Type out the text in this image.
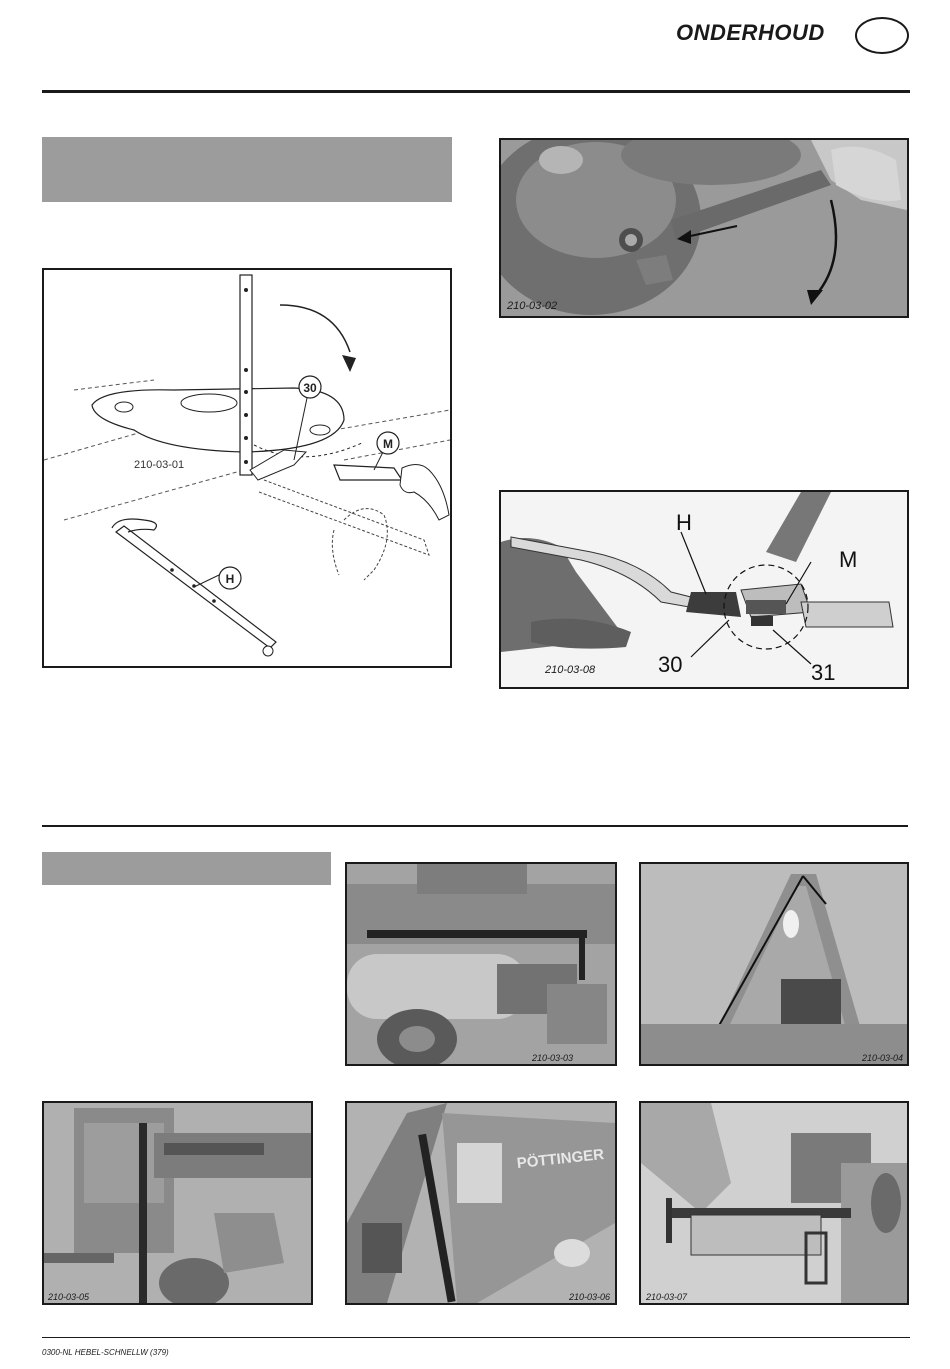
ONDERHOUD
30
M
H
210-03-01
210-03-02
H
M
30	31
210-03-08
210-03-03	210-03-04
210-03-05
PÖTTINGER
210-03-06	210-03-07
0300-NL HEBEL-SCHNELLW (379)
